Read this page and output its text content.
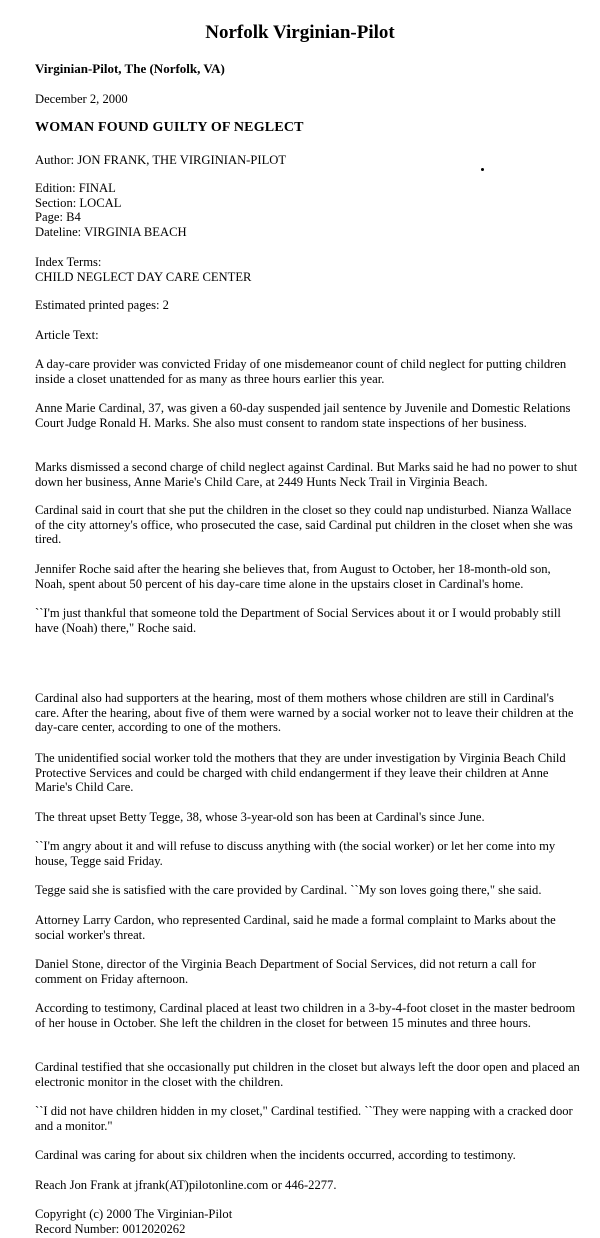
Norfolk Virginian-Pilot
Virginian-Pilot, The (Norfolk, VA)
December 2, 2000
WOMAN FOUND GUILTY OF NEGLECT
Author: JON FRANK, THE VIRGINIAN-PILOT
Edition: FINAL
Section: LOCAL
Page: B4
Dateline: VIRGINIA BEACH
Index Terms:
CHILD NEGLECT DAY CARE CENTER
Estimated printed pages: 2
Article Text:

A day-care provider was convicted Friday of one misdemeanor count of child neglect for putting children inside a closet unattended for as many as three hours earlier this year.

Anne Marie Cardinal, 37, was given a 60-day suspended jail sentence by Juvenile and Domestic Relations Court Judge Ronald H. Marks. She also must consent to random state inspections of her business.

Marks dismissed a second charge of child neglect against Cardinal. But Marks said he had no power to shut down her business, Anne Marie's Child Care, at 2449 Hunts Neck Trail in Virginia Beach.

Cardinal said in court that she put the children in the closet so they could nap undisturbed. Nianza Wallace of the city attorney's office, who prosecuted the case, said Cardinal put children in the closet when she was tired.

Jennifer Roche said after the hearing she believes that, from August to October, her 18-month-old son, Noah, spent about 50 percent of his day-care time alone in the upstairs closet in Cardinal's home.

``I'm just thankful that someone told the Department of Social Services about it or I would probably still have (Noah) there," Roche said.

Cardinal also had supporters at the hearing, most of them mothers whose children are still in Cardinal's care. After the hearing, about five of them were warned by a social worker not to leave their children at the day-care center, according to one of the mothers.

The unidentified social worker told the mothers that they are under investigation by Virginia Beach Child Protective Services and could be charged with child endangerment if they leave their children at Anne Marie's Child Care.

The threat upset Betty Tegge, 38, whose 3-year-old son has been at Cardinal's since June.

``I'm angry about it and will refuse to discuss anything with (the social worker) or let her come into my house, Tegge said Friday.

Tegge said she is satisfied with the care provided by Cardinal. ``My son loves going there," she said.

Attorney Larry Cardon, who represented Cardinal, said he made a formal complaint to Marks about the social worker's threat.

Daniel Stone, director of the Virginia Beach Department of Social Services, did not return a call for comment on Friday afternoon.

According to testimony, Cardinal placed at least two children in a 3-by-4-foot closet in the master bedroom of her house in October. She left the children in the closet for between 15 minutes and three hours.

Cardinal testified that she occasionally put children in the closet but always left the door open and placed an electronic monitor in the closet with the children.

``I did not have children hidden in my closet," Cardinal testified. ``They were napping with a cracked door and a monitor."

Cardinal was caring for about six children when the incidents occurred, according to testimony.

Reach Jon Frank at jfrank(AT)pilotonline.com or 446-2277.

Copyright (c) 2000 The Virginian-Pilot
Record Number: 0012020262
